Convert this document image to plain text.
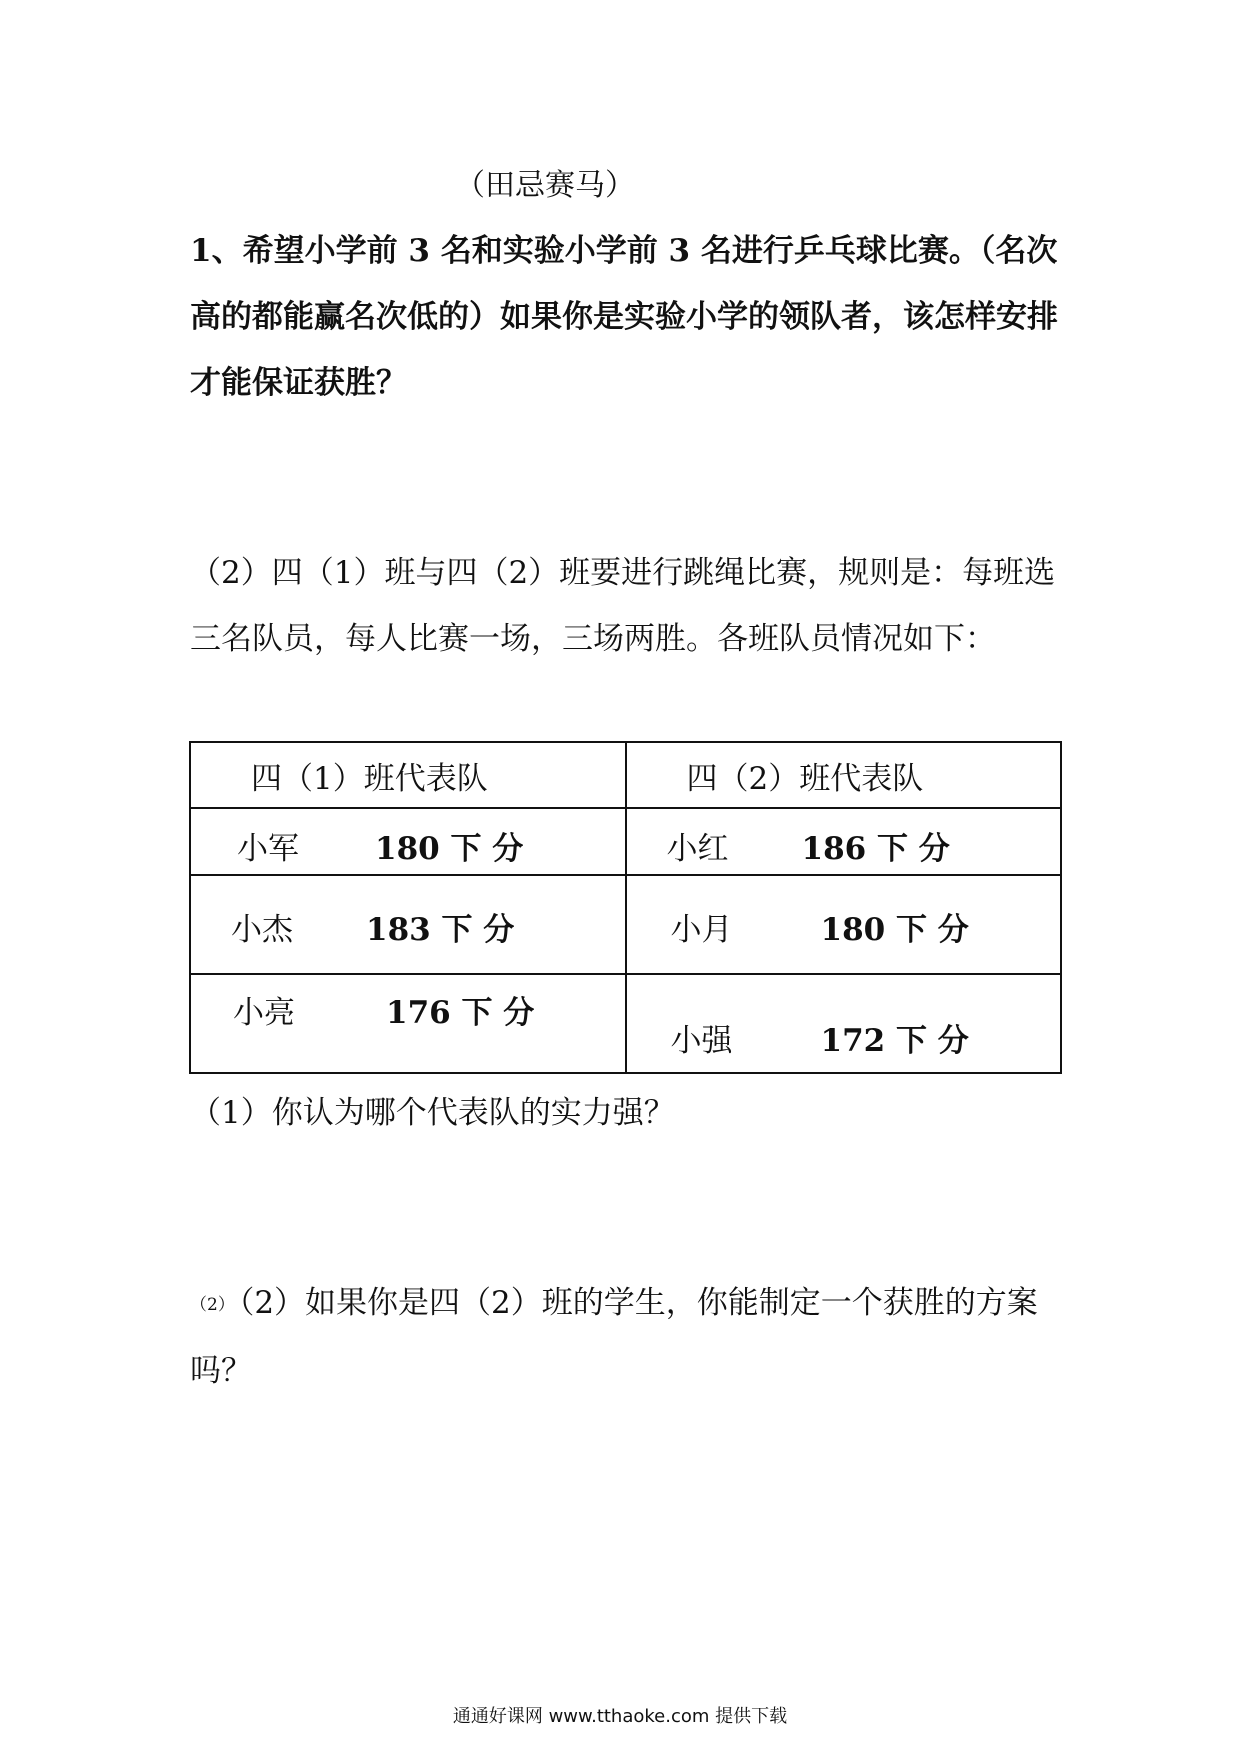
（田忌赛马）

1、希望小学前 3 名和实验小学前 3 名进行乒乓球比赛。（名次高的都能赢名次低的）如果你是实验小学的领队者，该怎样安排才能保证获胜？

（2）四（1）班与四（2）班要进行跳绳比赛，规则是：每班选三名队员，每人比赛一场，三场两胜。各班队员情况如下：

四（1）班代表队	四（2）班代表队

小军 180 下 分	小红 186 下 分

小杰 183 下 分	小月 180 下 分

小亮 176 下 分	小强 172 下 分

（1）你认为哪个代表队的实力强？

（2） （2）如果你是四（2）班的学生，你能制定一个获胜的方案吗？

通通好课网 www.tthaoke.com 提供下载
